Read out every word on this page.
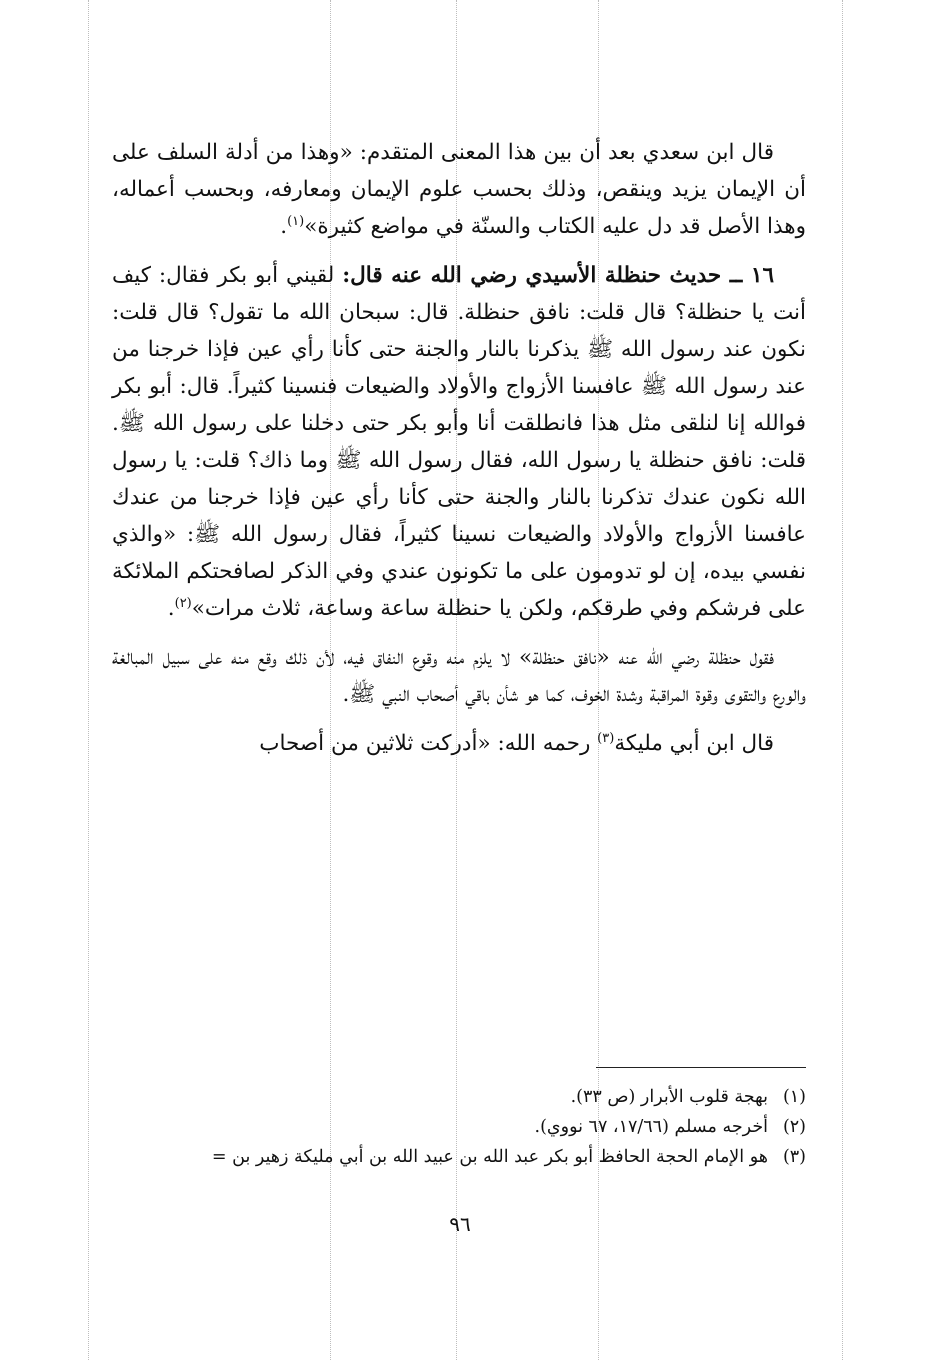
قال ابن سعدي بعد أن بين هذا المعنى المتقدم: «وهذا من أدلة السلف على أن الإيمان يزيد وينقص، وذلك بحسب علوم الإيمان ومعارفه، وبحسب أعماله، وهذا الأصل قد دل عليه الكتاب والسنّة في مواضع كثيرة»$^{(١)}$.

١٦ ــ حديث حنظلة الأسيدي رضي الله عنه قال: لقيني أبو بكر فقال: كيف أنت يا حنظلة؟ قال قلت: نافق حنظلة. قال: سبحان الله ما تقول؟ قال قلت: نكون عند رسول الله ﷺ يذكرنا بالنار والجنة حتى كأنا رأي عين فإذا خرجنا من عند رسول الله ﷺ عافسنا الأزواج والأولاد والضيعات فنسينا كثيراً. قال: أبو بكر فوالله إنا لنلقى مثل هذا فانطلقت أنا وأبو بكر حتى دخلنا على رسول الله ﷺ. قلت: نافق حنظلة يا رسول الله، فقال رسول الله ﷺ وما ذاك؟ قلت: يا رسول الله نكون عندك تذكرنا بالنار والجنة حتى كأنا رأي عين فإذا خرجنا من عندك عافسنا الأزواج والأولاد والضيعات نسينا كثيراً، فقال رسول الله ﷺ: «والذي نفسي بيده، إن لو تدومون على ما تكونون عندي وفي الذكر لصافحتكم الملائكة على فرشكم وفي طرقكم، ولكن يا حنظلة ساعة وساعة، ثلاث مرات»$^{(٢)}$.

فقول حنظلة رضي الله عنه «نافق حنظلة» لا يلزم منه وقوع النفاق فيه، لأن ذلك وقع منه على سبيل المبالغة والورع والتقوى وقوة المراقبة وشدة الخوف، كما هو شأن باقي أصحاب النبي ﷺ.

قال ابن أبي مليكة$^{(٣)}$ رحمه الله: «أدركت ثلاثين من أصحاب

(١)
بهجة قلوب الأبرار (ص ٣٣).
(٢)
أخرجه مسلم (١٧/٦٦، ٦٧ نووي).
(٣)
هو الإمام الحجة الحافظ أبو بكر عبد الله بن عبيد الله بن أبي مليكة زهير بن =
٩٦
